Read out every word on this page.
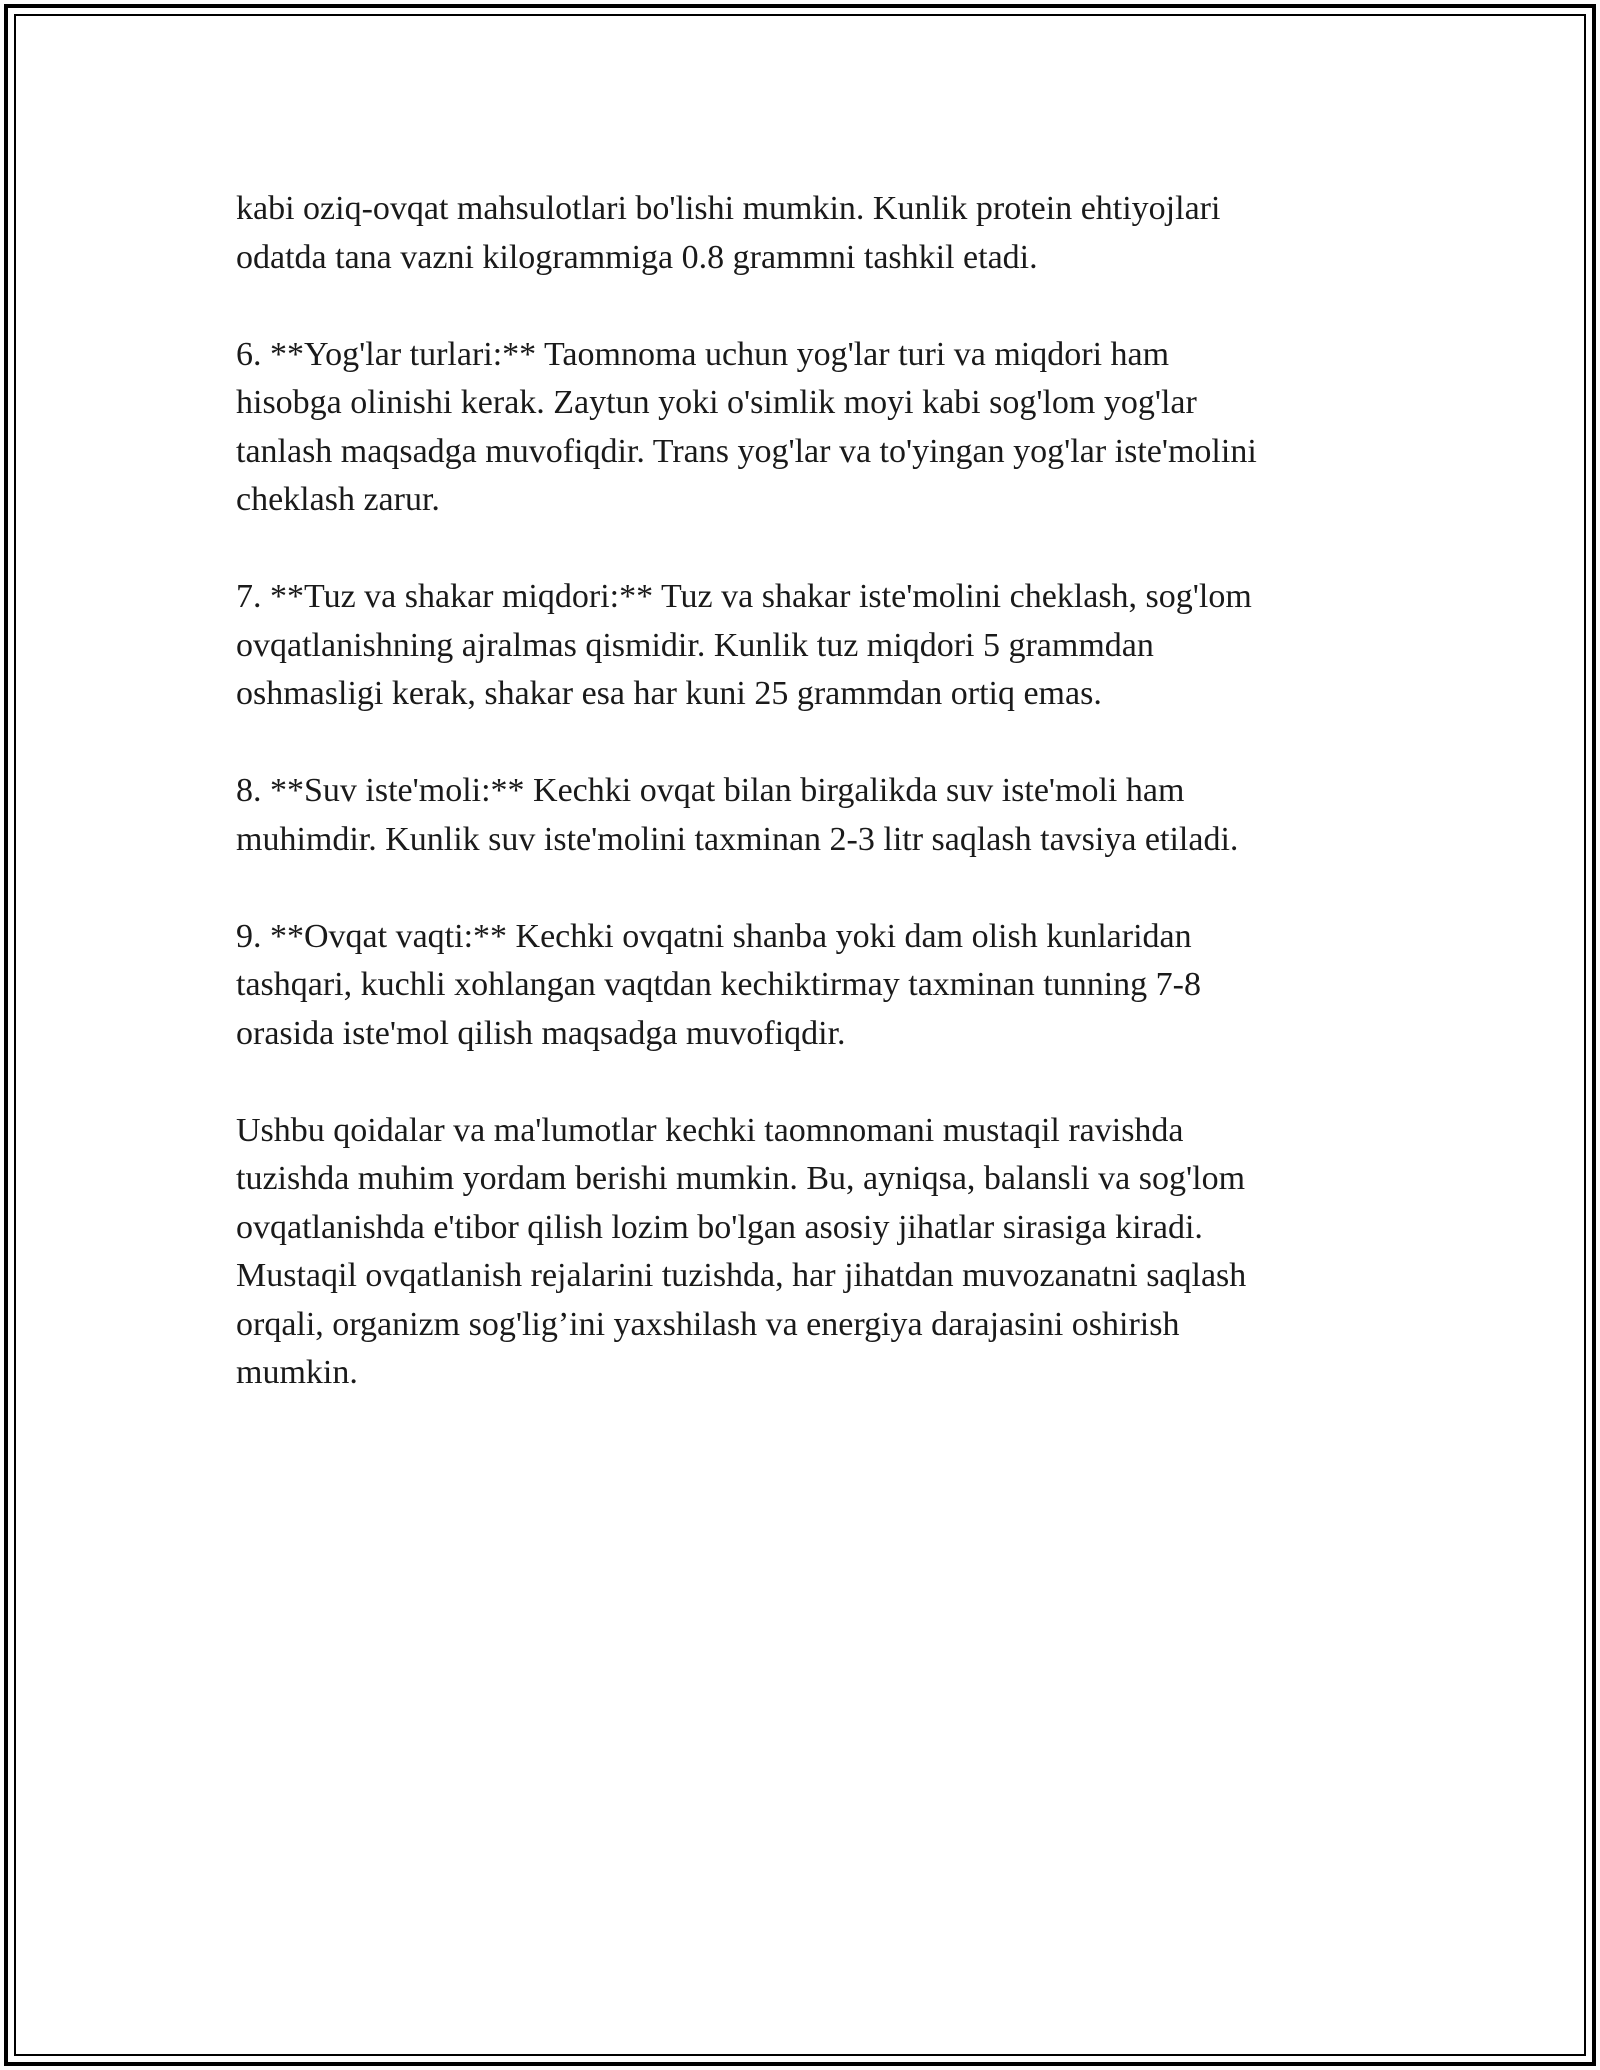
kabi oziq-ovqat mahsulotlari bo'lishi mumkin. Kunlik protein ehtiyojlari
odatda tana vazni kilogrammiga 0.8 grammni tashkil etadi.

6. **Yog'lar turlari:** Taomnoma uchun yog'lar turi va miqdori ham
hisobga olinishi kerak. Zaytun yoki o'simlik moyi kabi sog'lom yog'lar
tanlash maqsadga muvofiqdir. Trans yog'lar va to'yingan yog'lar iste'molini
cheklash zarur.

7. **Tuz va shakar miqdori:** Tuz va shakar iste'molini cheklash, sog'lom
ovqatlanishning ajralmas qismidir. Kunlik tuz miqdori 5 grammdan
oshmasligi kerak, shakar esa har kuni 25 grammdan ortiq emas.

8. **Suv iste'moli:** Kechki ovqat bilan birgalikda suv iste'moli ham
muhimdir. Kunlik suv iste'molini taxminan 2-3 litr saqlash tavsiya etiladi.

9. **Ovqat vaqti:** Kechki ovqatni shanba yoki dam olish kunlaridan
tashqari, kuchli xohlangan vaqtdan kechiktirmay taxminan tunning 7-8
orasida iste'mol qilish maqsadga muvofiqdir.

Ushbu qoidalar va ma'lumotlar kechki taomnomani mustaqil ravishda
tuzishda muhim yordam berishi mumkin. Bu, ayniqsa, balansli va sog'lom
ovqatlanishda e'tibor qilish lozim bo'lgan asosiy jihatlar sirasiga kiradi.
Mustaqil ovqatlanish rejalarini tuzishda, har jihatdan muvozanatni saqlash
orqali, organizm sog'lig’ini yaxshilash va energiya darajasini oshirish
mumkin.
